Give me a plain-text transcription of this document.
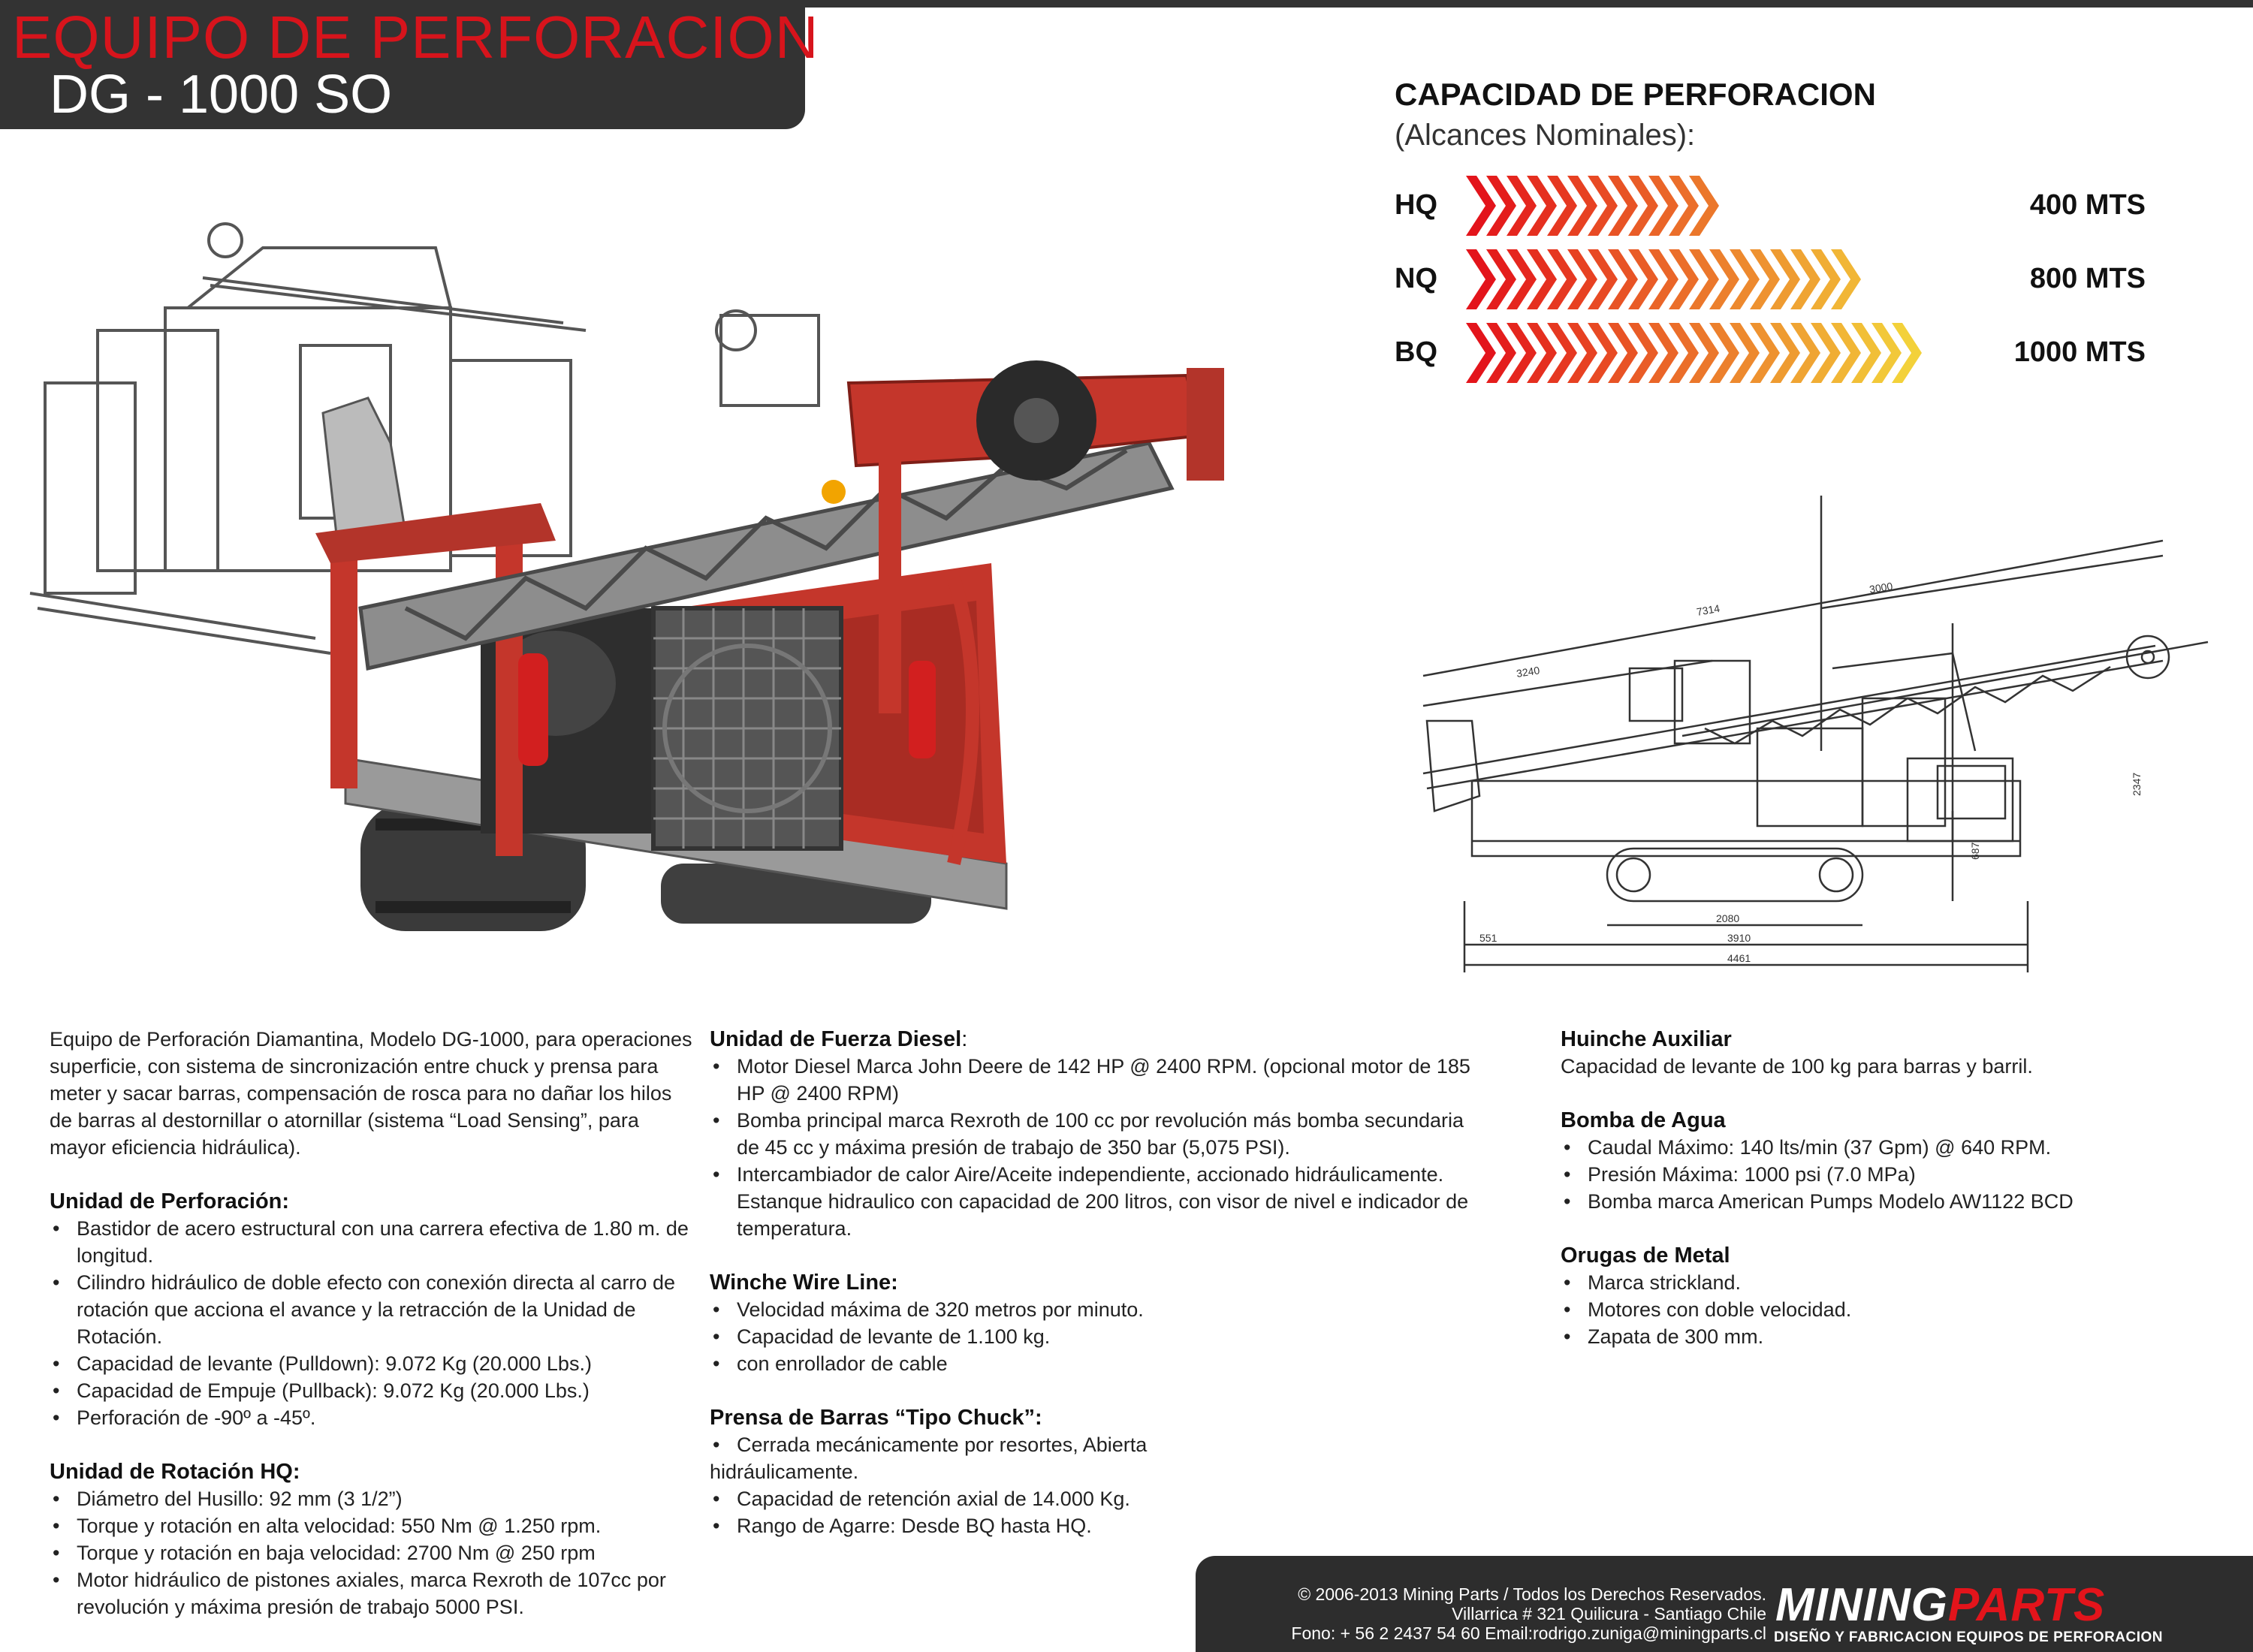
EQUIPO DE PERFORACION
DG - 1000 SO	CAPACIDAD DE PERFORACION
(Alcances Nominales):
HQ	400 MTS
NQ	800 MTS
BQ	1000 MTS
7314
3000
3240
2347
687
2080
551	3910
4461

Equipo de Perforación Diamantina, Modelo DG-1000, para operaciones superficie, con sistema de sincronización entre chuck y prensa para meter y sacar barras, compensación de rosca para no dañar los hilos de barras al destornillar o atornillar (sistema “Load Sensing”, para mayor eficiencia hidráulica).

Unidad de Perforación:
• Bastidor de acero estructural con una carrera efectiva de 1.80 m. de longitud.
• Cilindro hidráulico de doble efecto con conexión directa al carro de rotación que acciona el avance y la retracción de la Unidad de Rotación.
• Capacidad de levante (Pulldown): 9.072 Kg (20.000 Lbs.)
• Capacidad de Empuje (Pullback): 9.072 Kg (20.000 Lbs.)
• Perforación de -90º a -45º.
Unidad de Rotación HQ:
• Diámetro del Husillo: 92 mm (3 1/2”)
• Torque y rotación en alta velocidad: 550 Nm @ 1.250 rpm.
• Torque y rotación en baja velocidad: 2700 Nm @ 250 rpm
• Motor hidráulico de pistones axiales, marca Rexroth de 107cc por revolución y máxima presión de trabajo 5000 PSI.
Unidad de Fuerza Diesel:
• Motor Diesel Marca John Deere de 142 HP @ 2400 RPM. (opcional motor de 185 HP @ 2400 RPM)
• Bomba principal marca Rexroth de 100 cc por revolución más bomba secundaria de 45 cc y máxima presión de trabajo de 350 bar (5,075 PSI).
• Intercambiador de calor Aire/Aceite independiente, accionado hidráulicamente. Estanque hidraulico con capacidad de 200 litros, con visor de nivel e indicador de temperatura.
Winche Wire Line:
• Velocidad máxima de 320 metros por minuto.
• Capacidad de levante de 1.100 kg.
• con enrollador de cable
Prensa de Barras “Tipo Chuck”:
• Cerrada mecánicamente por resortes, Abierta
hidráulicamente.
• Capacidad de retención axial de 14.000 Kg.
• Rango de Agarre: Desde BQ hasta HQ.
Huinche Auxiliar

Capacidad de levante de 100 kg para barras y barril.

Bomba de Agua
• Caudal Máximo: 140 lts/min (37 Gpm) @ 640 RPM.
• Presión Máxima: 1000 psi (7.0 MPa)
• Bomba marca American Pumps Modelo AW1122 BCD
Orugas de Metal
• Marca strickland.
• Motores con doble velocidad.
• Zapata de 300 mm.
© 2006-2013 Mining Parts / Todos los Derechos Reservados.
Villarrica # 321 Quilicura - Santiago Chile
Fono: + 56 2 2437 54 60 Email:rodrigo.zuniga@miningparts.cl
MININGPARTS
DISEÑO Y FABRICACION EQUIPOS DE PERFORACION
